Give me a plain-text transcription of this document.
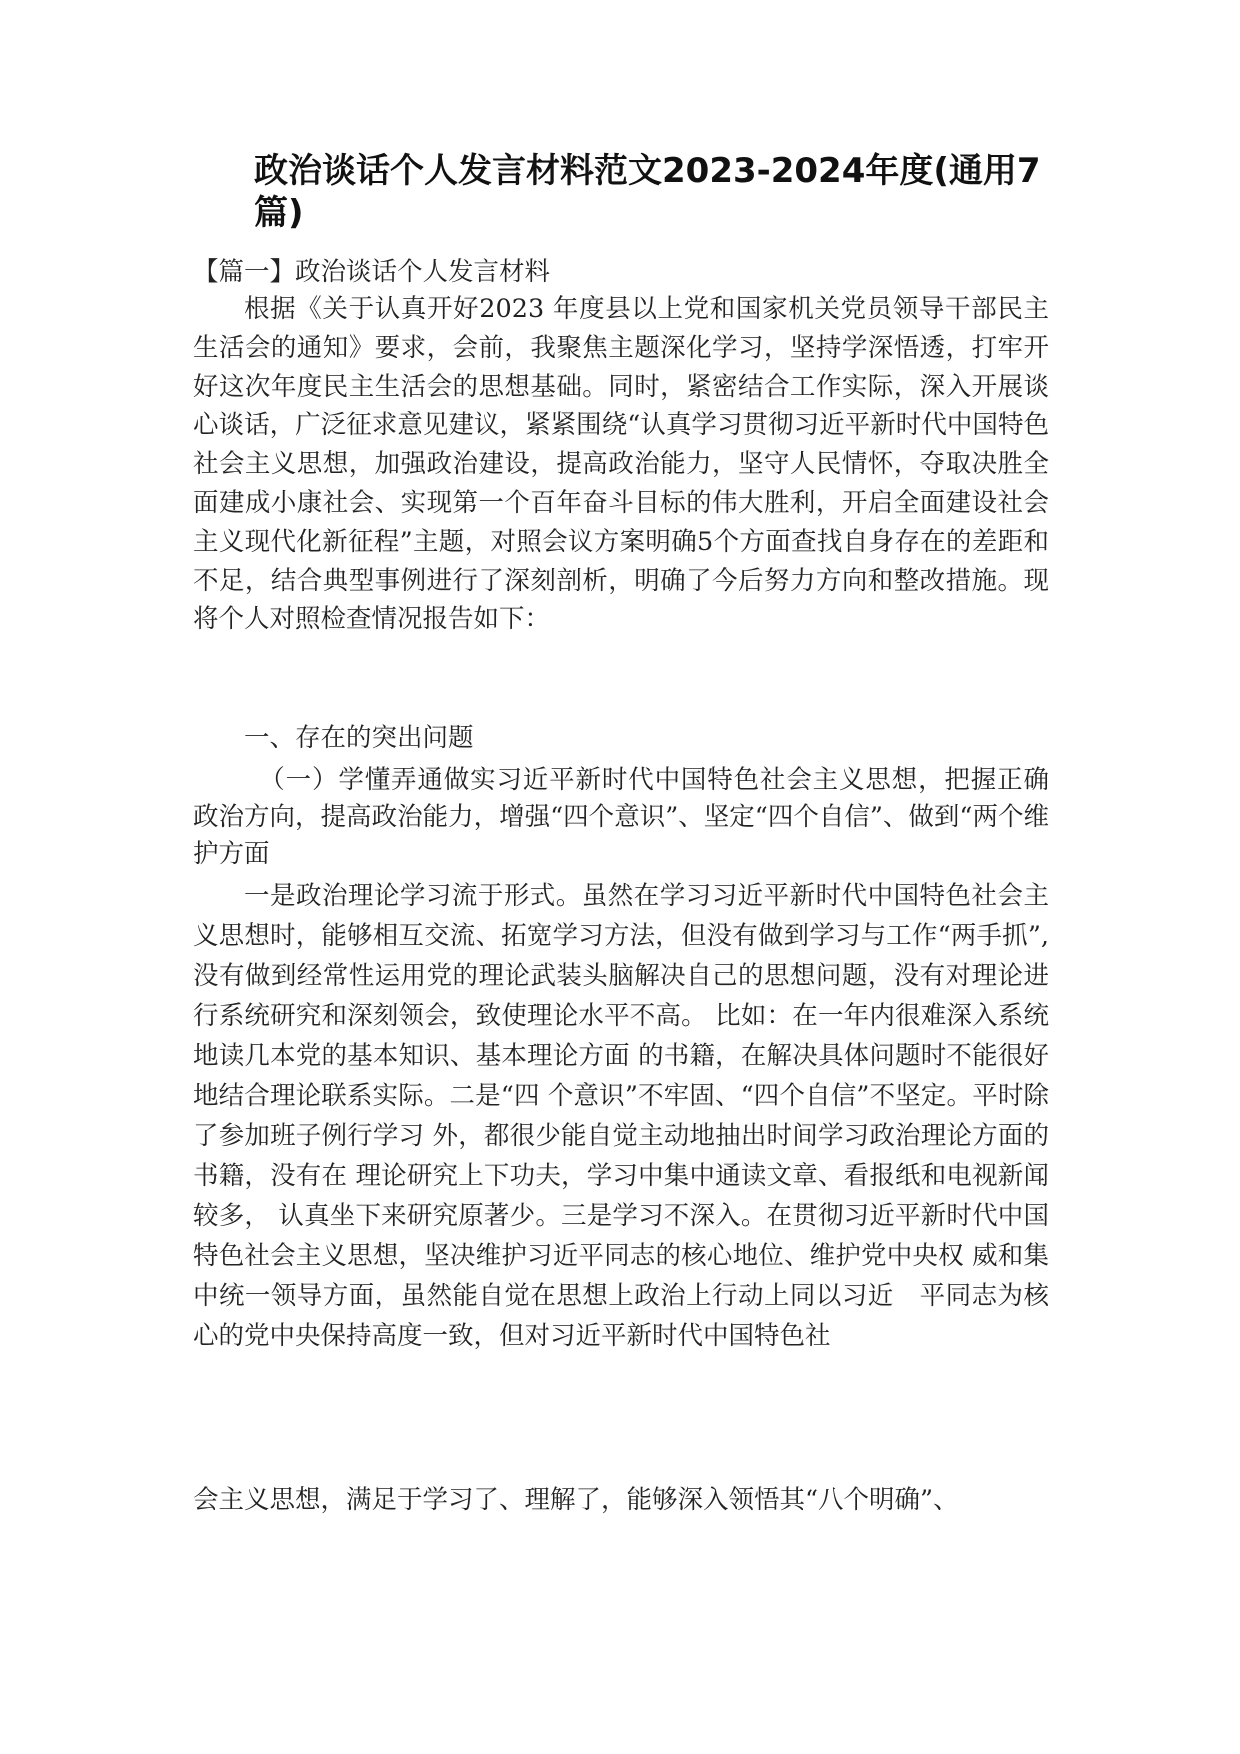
政治谈话个人发言材料范文2023-2024年度(通用7篇)

【篇一】政治谈话个人发言材料

根据《关于认真开好2023 年度县以上党和国家机关党员领导干部民主生活会的通知》要求，会前，我聚焦主题深化学习，坚持学深悟透，打牢开好这次年度民主生活会的思想基础。同时，紧密结合工作实际，深入开展谈心谈话，广泛征求意见建议，紧紧围绕“认真学习贯彻习近平新时代中国特色社会主义思想，加强政治建设，提高政治能力，坚守人民情怀，夺取决胜全面建成小康社会、实现第一个百年奋斗目标的伟大胜利，开启全面建设社会主义现代化新征程”主题，对照会议方案明确5个方面查找自身存在的差距和不足，结合典型事例进行了深刻剖析，明确了今后努力方向和整改措施。现将个人对照检查情况报告如下：

一、存在的突出问题

（一）学懂弄通做实习近平新时代中国特色社会主义思想，把握正确政治方向，提高政治能力，增强“四个意识”、坚定“四个自信”、做到“两个维护方面

一是政治理论学习流于形式。虽然在学习习近平新时代中国特色社会主义思想时，能够相互交流、拓宽学习方法，但没有做到学习与工作“两手抓”,没有做到经常性运用党的理论武装头脑解决自己的思想问题，没有对理论进行系统研究和深刻领会，致使理论水平不高。 比如：在一年内很难深入系统地读几本党的基本知识、基本理论方面 的书籍，在解决具体问题时不能很好地结合理论联系实际。二是“四 个意识”不牢固、“四个自信”不坚定。平时除了参加班子例行学习 外，都很少能自觉主动地抽出时间学习政治理论方面的书籍，没有在 理论研究上下功夫，学习中集中通读文章、看报纸和电视新闻较多， 认真坐下来研究原著少。三是学习不深入。在贯彻习近平新时代中国 特色社会主义思想，坚决维护习近平同志的核心地位、维护党中央权 威和集中统一领导方面，虽然能自觉在思想上政治上行动上同以习近　平同志为核心的党中央保持高度一致，但对习近平新时代中国特色社

会主义思想，满足于学习了、理解了，能够深入领悟其“八个明确”、
